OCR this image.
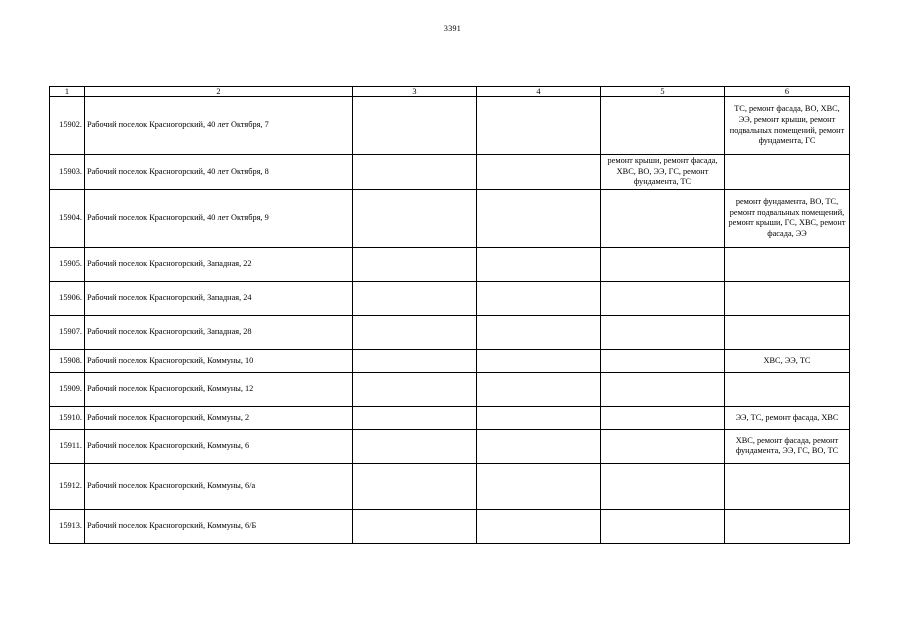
3391
1	2	3	4	5	6
15902.	Рабочий поселок Красногорский, 40 лет Октября, 7				ТС, ремонт фасада, ВО, ХВС, ЭЭ, ремонт крыши, ремонт подвальных помещений, ремонт фундамента, ГС
15903.	Рабочий поселок Красногорский, 40 лет Октября, 8			ремонт крыши, ремонт фасада, ХВС, ВО, ЭЭ, ГС, ремонт фундамента, ТС	
15904.	Рабочий поселок Красногорский, 40 лет Октября, 9				ремонт фундамента, ВО, ТС, ремонт подвальных помещений, ремонт крыши, ГС, ХВС, ремонт фасада, ЭЭ
15905.	Рабочий поселок Красногорский, Западная, 22				
15906.	Рабочий поселок Красногорский, Западная, 24				
15907.	Рабочий поселок Красногорский, Западная, 28				
15908.	Рабочий поселок Красногорский, Коммуны, 10				ХВС, ЭЭ, ТС
15909.	Рабочий поселок Красногорский, Коммуны, 12				
15910.	Рабочий поселок Красногорский, Коммуны, 2				ЭЭ, ТС, ремонт фасада, ХВС
15911.	Рабочий поселок Красногорский, Коммуны, 6				ХВС, ремонт фасада, ремонт фундамента, ЭЭ, ГС, ВО, ТС
15912.	Рабочий поселок Красногорский, Коммуны, 6/а				
15913.	Рабочий поселок Красногорский, Коммуны, 6/Б				
